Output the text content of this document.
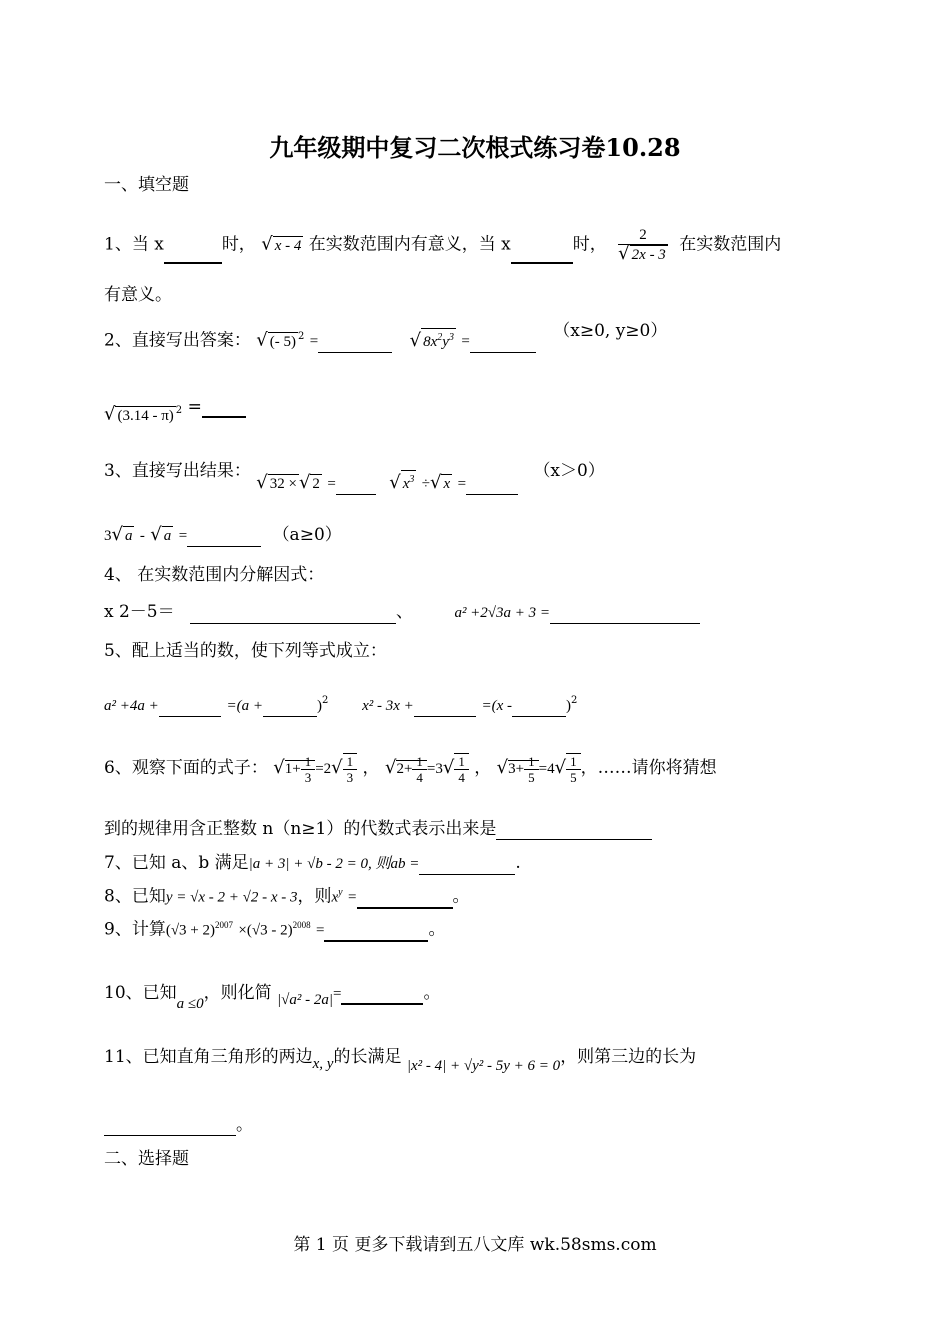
九年级期中复习二次根式练习卷10.28
一、填空题
1、当 x	时， √ x - 4 在实数范围内有意义，当 x	时， $\frac{2}{√ 2x - 3}$ 在实数范围内
有意义。
2、直接写出答案： √ (- 5) $^2$ =	√ $8x^2y^3 = (x\ge 0$, y≥0）
√ (3.14 - π) $^2$ =
3、直接写出结果： √ 32 × √ 2 =	√ $x^3$ ÷√ x = （x＞0）
3√ a - √ a =	（a≥0）
4、 在实数范围内分解因式：
x 2－5＝	、	a² +2√3a + 3 =
5、配上适当的数，使下列等式成立：
a² +4a +	=(a +	)$^2$ x² - 3x +	=(x -	)$^2$
6、观察下面的式子： $√1+ \frac{1}{3} =2√ \frac{1}{3}$ ， $√2+ \frac{1}{4} =3√ \frac{1}{4}$ ， $√3+ \frac{1}{5} =4√ \frac{1}{5}$ ，……请你将猜想
到的规律用含正整数 n（n≥1）的代数式表示出来是
7、已知 a、b 满足|a + 3| + √b - 2 = 0, 则ab =	.
8、已知y = √x - 2 + √2 - x - 3，则$x^y$ =	。
9、计算$(√3 + 2)^{2007} \times(√3 - 2)^{2008}$ =	。
10、已知a ≤0，则化简 |√a² - 2a|=	。
11、已知直角三角形的两边x, y的长满足 |x² - 4| + √y² - 5y + 6 = 0，则第三边的长为
。
二、选择题
第 1 页 更多下载请到五八文库 wk.58sms.com
